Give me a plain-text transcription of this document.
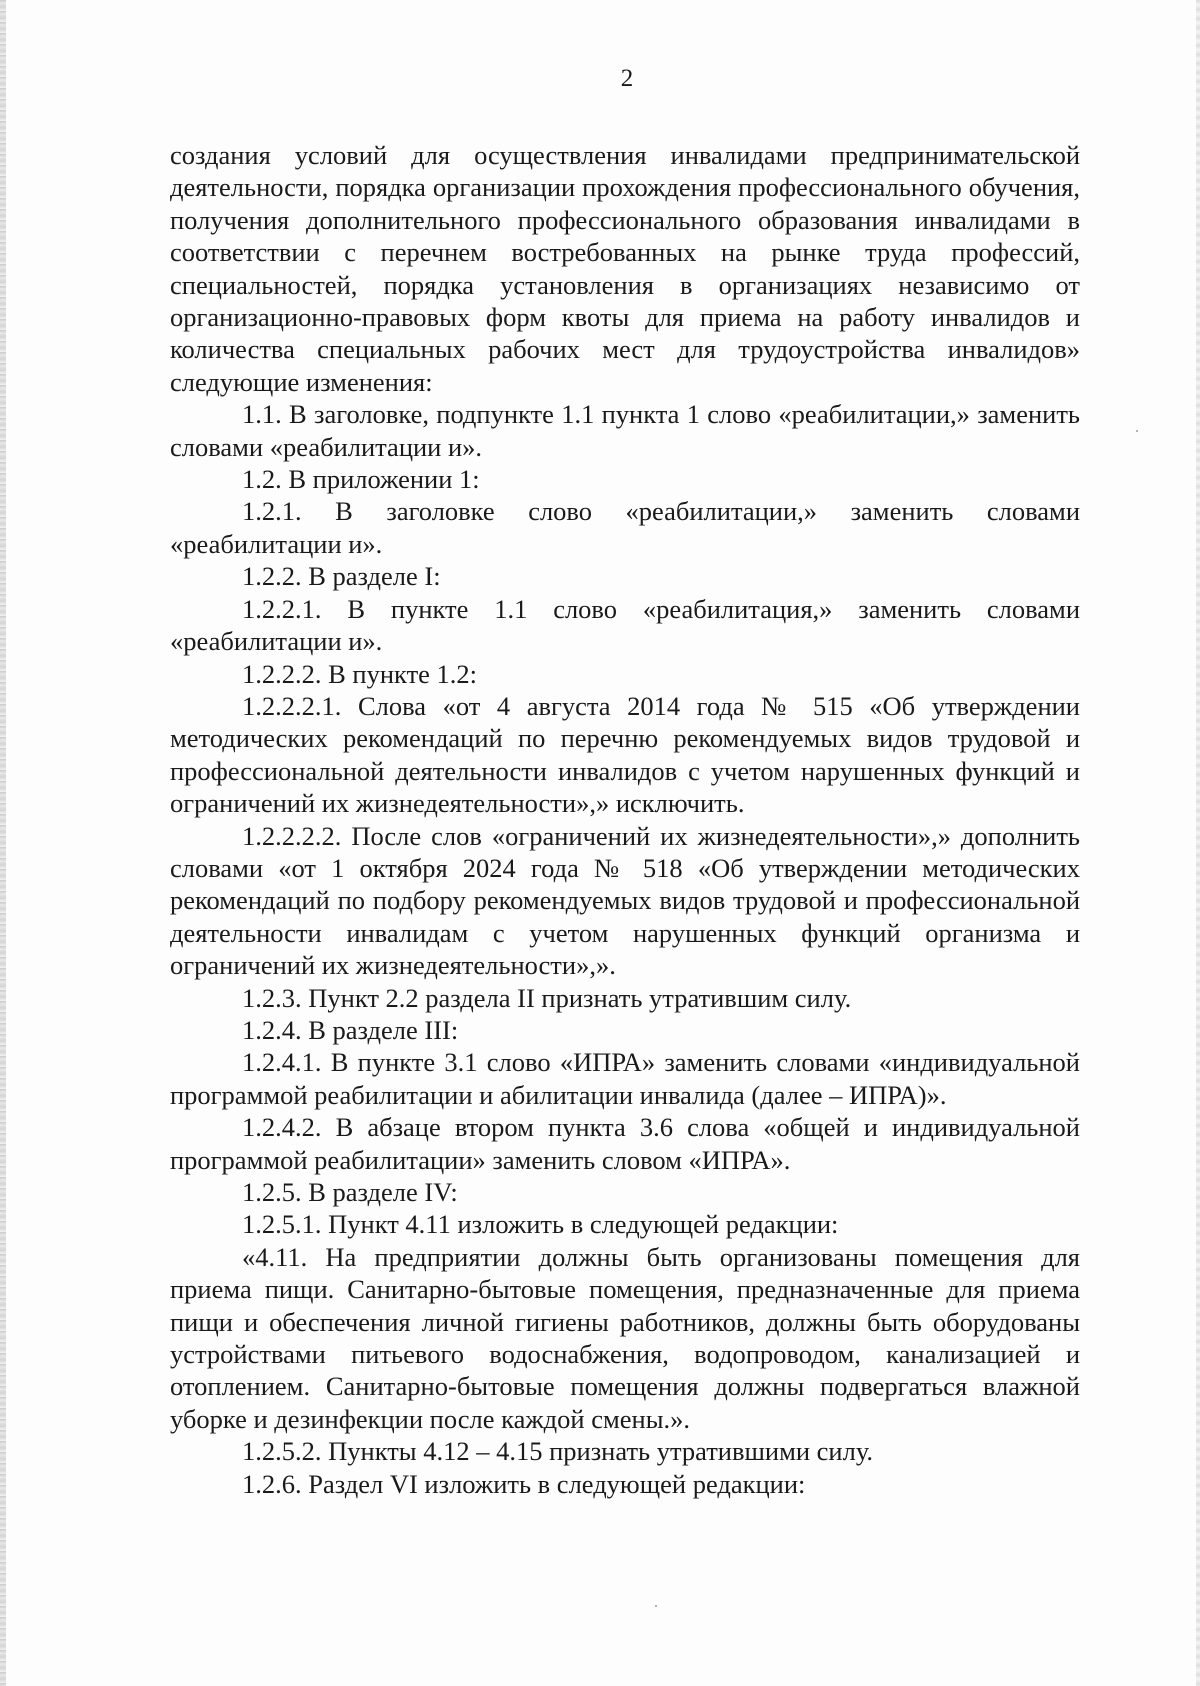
2

создания условий для осуществления инвалидами предпринимательской деятельности, порядка организации прохождения профессионального обучения, получения дополнительного профессионального образования инвалидами в соответствии с перечнем востребованных на рынке труда профессий, специальностей, порядка установления в организациях независимо от организационно-правовых форм квоты для приема на работу инвалидов и количества специальных рабочих мест для трудоустройства инвалидов» следующие изменения:

1.1. В заголовке, подпункте 1.1 пункта 1 слово «реабилитации,» заменить словами «реабилитации и».

1.2. В приложении 1:

1.2.1. В заголовке слово «реабилитации,» заменить словами «реабилитации и».

1.2.2. В разделе I:

1.2.2.1. В пункте 1.1 слово «реабилитация,» заменить словами «реабилитации и».

1.2.2.2. В пункте 1.2:

1.2.2.2.1. Слова «от 4 августа 2014 года № 515 «Об утверждении методических рекомендаций по перечню рекомендуемых видов трудовой и профессиональной деятельности инвалидов с учетом нарушенных функций и ограничений их жизнедеятельности»,» исключить.

1.2.2.2.2. После слов «ограничений их жизнедеятельности»,» дополнить словами «от 1 октября 2024 года № 518 «Об утверждении методических рекомендаций по подбору рекомендуемых видов трудовой и профессиональной деятельности инвалидам с учетом нарушенных функций организма и ограничений их жизнедеятельности»,».

1.2.3. Пункт 2.2 раздела II признать утратившим силу.

1.2.4. В разделе III:

1.2.4.1. В пункте 3.1 слово «ИПРА» заменить словами «индивидуальной программой реабилитации и абилитации инвалида (далее – ИПРА)».

1.2.4.2. В абзаце втором пункта 3.6 слова «общей и индивидуальной программой реабилитации» заменить словом «ИПРА».

1.2.5. В разделе IV:

1.2.5.1. Пункт 4.11 изложить в следующей редакции:

«4.11. На предприятии должны быть организованы помещения для приема пищи. Санитарно-бытовые помещения, предназначенные для приема пищи и обеспечения личной гигиены работников, должны быть оборудованы устройствами питьевого водоснабжения, водопроводом, канализацией и отоплением. Санитарно-бытовые помещения должны подвергаться влажной уборке и дезинфекции после каждой смены.».

1.2.5.2. Пункты 4.12 – 4.15 признать утратившими силу.

1.2.6. Раздел VI изложить в следующей редакции:
